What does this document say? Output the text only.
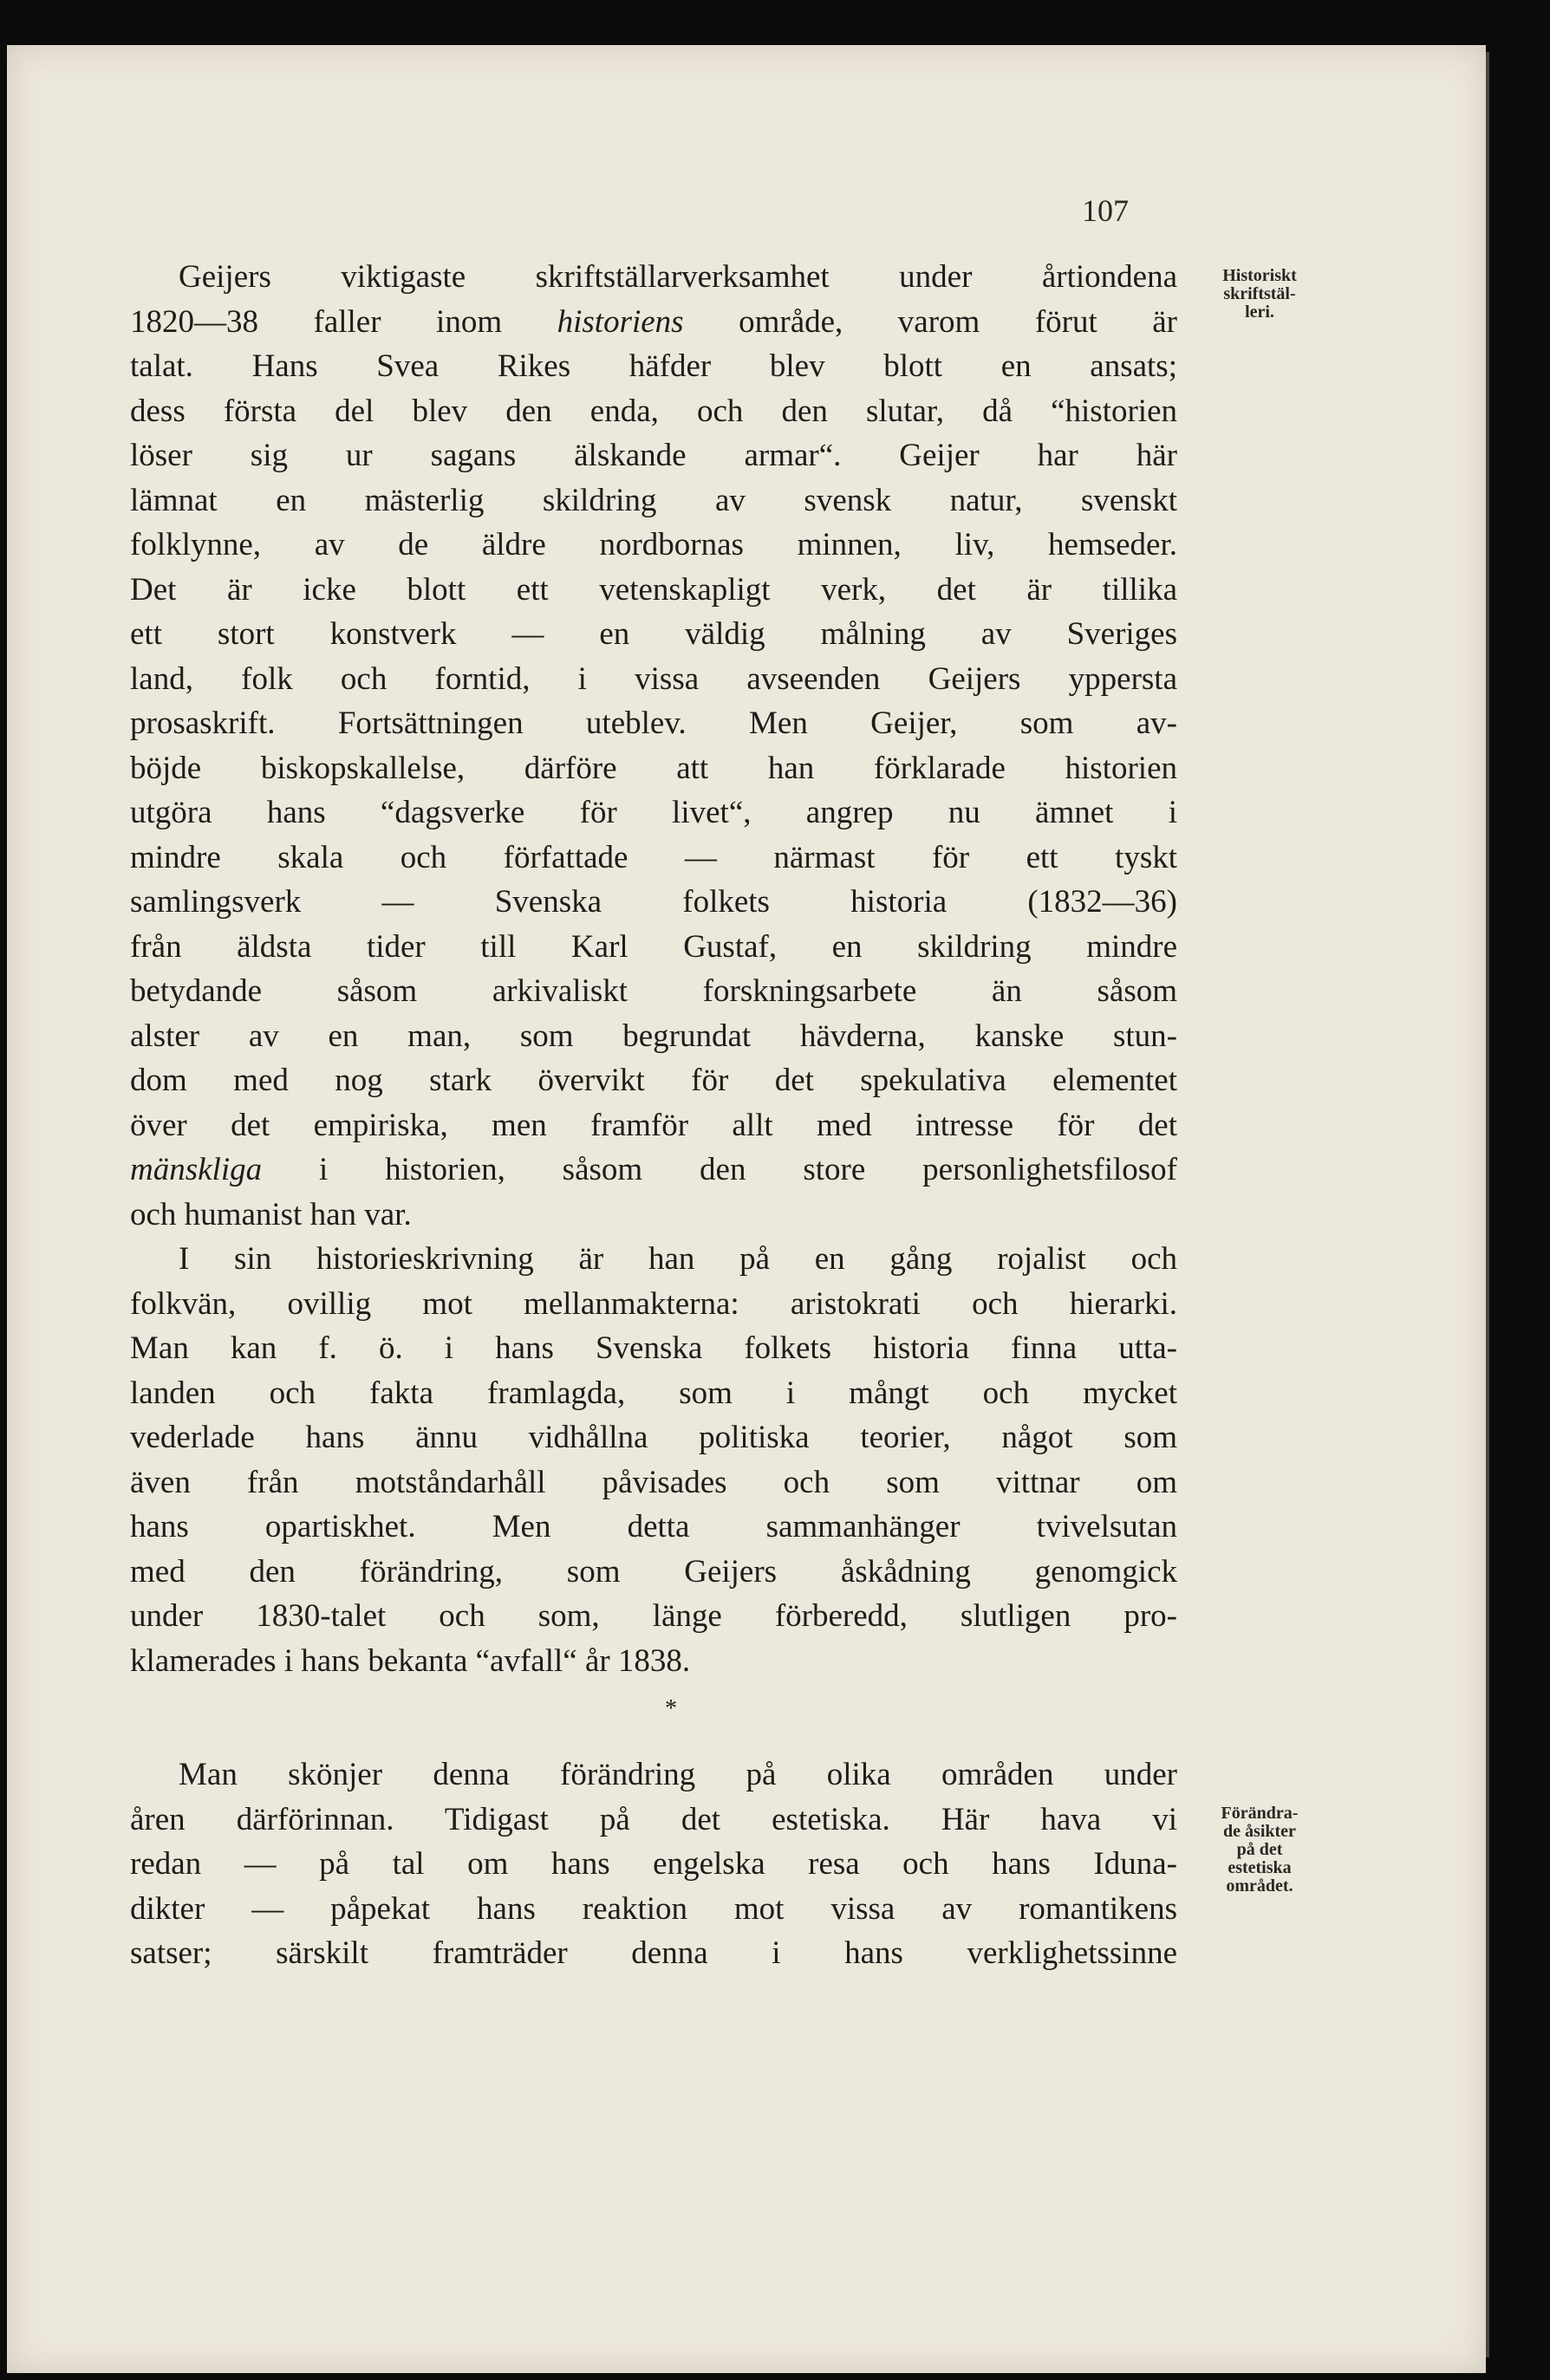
107
Historiskt
skriftstäl-
leri.
Förändra-
de åsikter
på det
estetiska
området.
Geijers viktigaste skriftställarverksamhet under årtiondena
1820—38 faller inom historiens område, varom förut är
talat. Hans Svea Rikes häfder blev blott en ansats;
dess första del blev den enda, och den slutar, då “historien
löser sig ur sagans älskande armar“. Geijer har här
lämnat en mästerlig skildring av svensk natur, svenskt
folklynne, av de äldre nordbornas minnen, liv, hemseder.
Det är icke blott ett vetenskapligt verk, det är tillika
ett stort konstverk — en väldig målning av Sveriges
land, folk och forntid, i vissa avseenden Geijers yppersta
prosaskrift. Fortsättningen uteblev. Men Geijer, som av-
böjde biskopskallelse, därföre att han förklarade historien
utgöra hans “dagsverke för livet“, angrep nu ämnet i
mindre skala och författade — närmast för ett tyskt
samlingsverk — Svenska folkets historia (1832—36)
från äldsta tider till Karl Gustaf, en skildring mindre
betydande såsom arkivaliskt forskningsarbete än såsom
alster av en man, som begrundat hävderna, kanske stun-
dom med nog stark övervikt för det spekulativa elementet
över det empiriska, men framför allt med intresse för det
mänskliga i historien, såsom den store personlighetsfilosof
och humanist han var.
I sin historieskrivning är han på en gång rojalist och
folkvän, ovillig mot mellanmakterna: aristokrati och hierarki.
Man kan f. ö. i hans Svenska folkets historia finna utta-
landen och fakta framlagda, som i mångt och mycket
vederlade hans ännu vidhållna politiska teorier, något som
även från motståndarhåll påvisades och som vittnar om
hans opartiskhet. Men detta sammanhänger tvivelsutan
med den förändring, som Geijers åskådning genomgick
under 1830-talet och som, länge förberedd, slutligen pro-
klamerades i hans bekanta “avfall“ år 1838.
*
Man skönjer denna förändring på olika områden under
åren därförinnan. Tidigast på det estetiska. Här hava vi
redan — på tal om hans engelska resa och hans Iduna-
dikter — påpekat hans reaktion mot vissa av romantikens
satser; särskilt framträder denna i hans verklighetssinne
